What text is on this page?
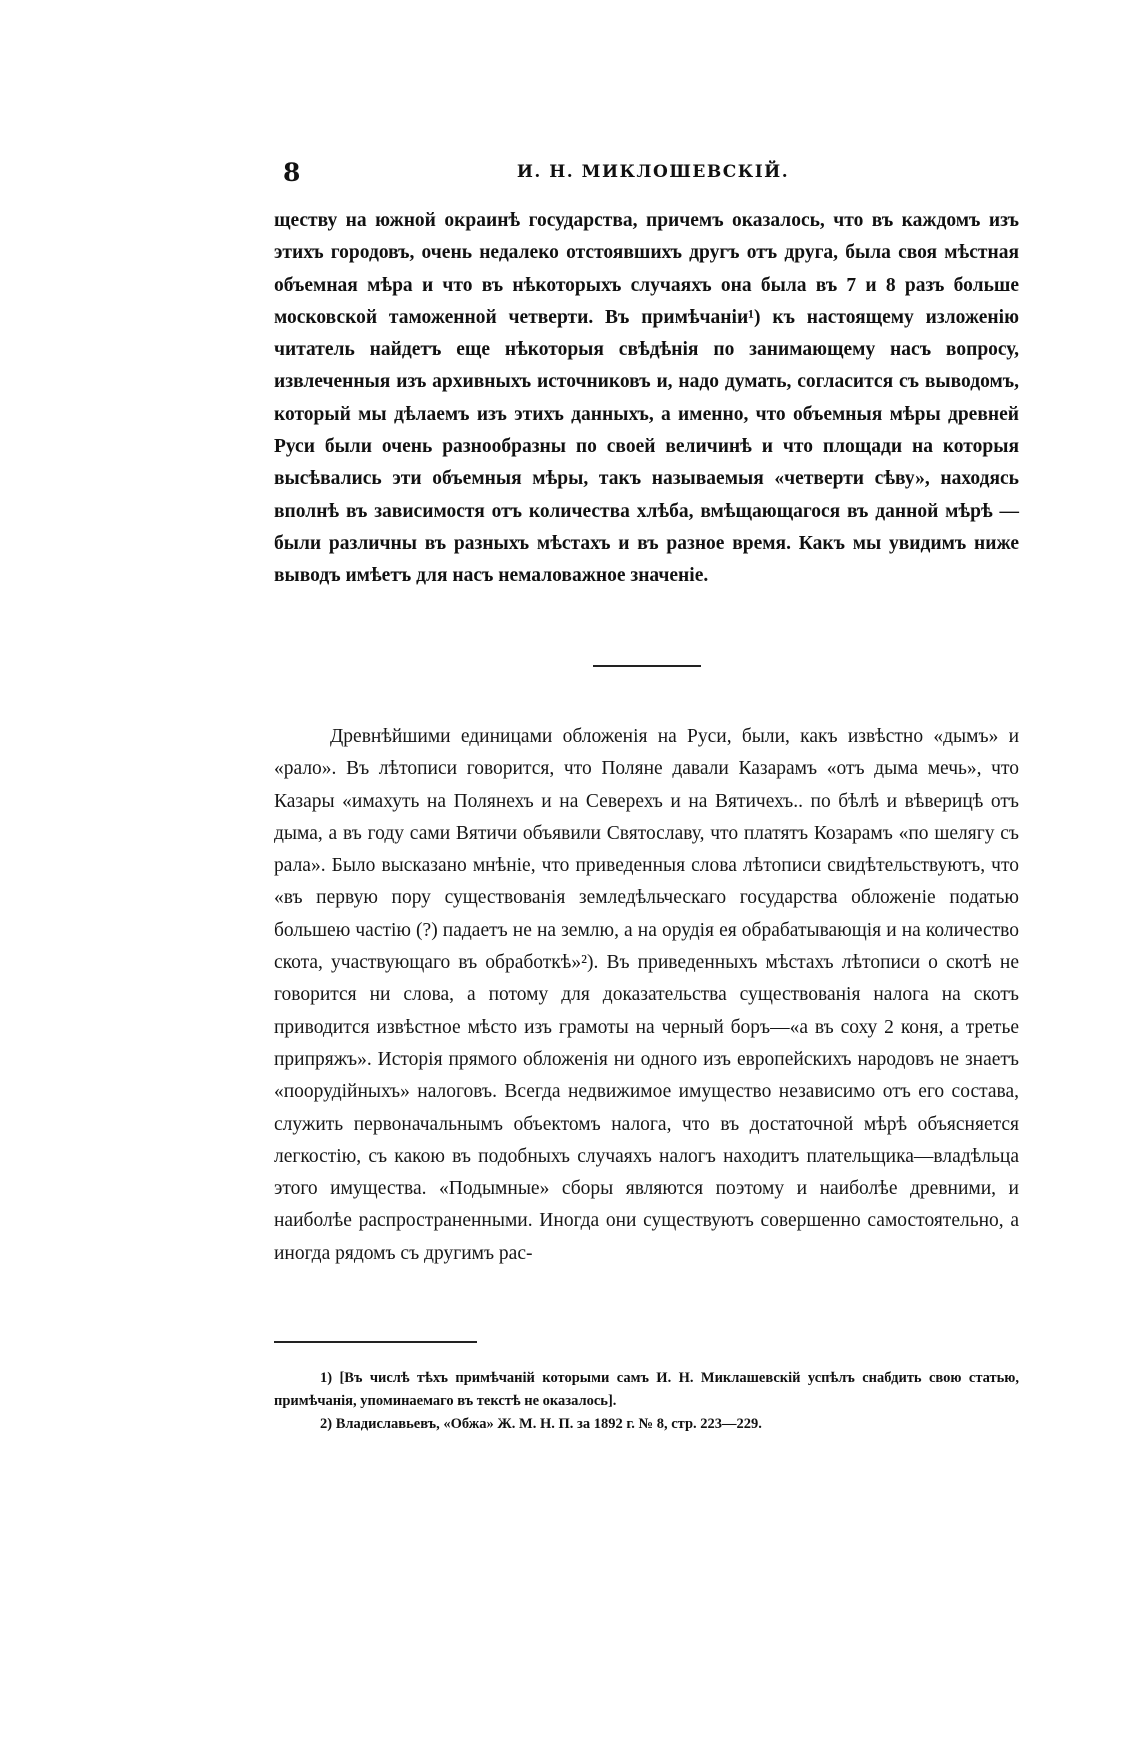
8	И. Н. МИКЛОШЕВСКІЙ.

ществу на южной окраинѣ государства, причемъ оказалось, что въ каждомъ изъ этихъ городовъ, очень недалеко отстоявшихъ другъ отъ друга, была своя мѣстная объемная мѣра и что въ нѣкоторыхъ случаяхъ она была въ 7 и 8 разъ больше московской таможенной четверти. Въ примѣчаніи¹) къ настоящему изложенію читатель найдетъ еще нѣкоторыя свѣдѣнія по занимающему насъ вопросу, извлеченныя изъ архивныхъ источниковъ и, надо думать, согласится съ выводомъ, который мы дѣлаемъ изъ этихъ данныхъ, а именно, что объемныя мѣры древней Руси были очень разнообразны по своей величинѣ и что площади на которыя высѣвались эти объемныя мѣры, такъ называемыя «четверти сѣву», находясь вполнѣ въ зависимостя отъ количества хлѣба, вмѣщающагося въ данной мѣрѣ — были различны въ разныхъ мѣстахъ и въ разное время. Какъ мы увидимъ ниже выводъ имѣетъ для насъ немаловажное значеніе.

Древнѣйшими единицами обложенія на Руси, были, какъ извѣстно «дымъ» и «рало». Въ лѣтописи говорится, что Поляне давали Казарамъ «отъ дыма мечь», что Казары «имахуть на Полянехъ и на Северехъ и на Вятичехъ.. по бѣлѣ и вѣверицѣ отъ дыма, а въ году сами Вятичи объявили Святославу, что платятъ Козарамъ «по шелягу съ рала». Было высказано мнѣніе, что приведенныя слова лѣтописи свидѣтельствуютъ, что «въ первую пору существованія земледѣльческаго государства обложеніе податью большею частію (?) падаетъ не на землю, а на орудія ея обрабатывающія и на количество скота, участвующаго въ обработкѣ»²). Въ приведенныхъ мѣстахъ лѣтописи о скотѣ не говорится ни слова, а потому для доказательства существованія налога на скотъ приводится извѣстное мѣсто изъ грамоты на черный боръ—«а въ соху 2 коня, а третье припряжъ». Исторія прямого обложенія ни одного изъ европейскихъ народовъ не знаетъ «поорудійныхъ» налоговъ. Всегда недвижимое имущество независимо отъ его состава, служить первоначальнымъ объектомъ налога, что въ достаточной мѣрѣ объясняется легкостію, съ какою въ подобныхъ случаяхъ налогъ находитъ плательщика—владѣльца этого имущества. «Подымные» сборы являются поэтому и наиболѣе древними, и наиболѣе распространенными. Иногда они существуютъ совершенно самостоятельно, а иногда рядомъ съ другимъ рас-

1) [Въ числѣ тѣхъ примѣчаній которыми самъ И. Н. Миклашевскій успѣлъ снабдить свою статью, примѣчанія, упоминаемаго въ текстѣ не оказалось].

2) Владиславьевъ, «Обжа» Ж. М. Н. П. за 1892 г. № 8, стр. 223—229.
